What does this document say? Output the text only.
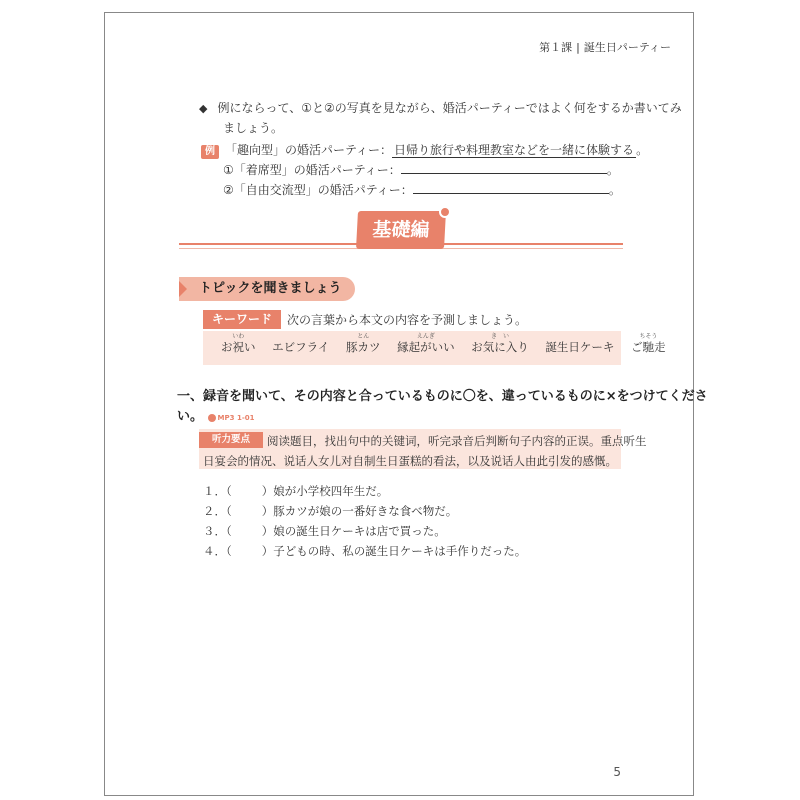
第１課 | 誕生日パーティー
◆ 例にならって、①と②の写真を見ながら、婚活パーティーではよく何をするか書いてみ
ましょう。
例 「趣向型」の婚活パーティー： 日帰り旅行や料理教室などを一緒に体験する 。
①「着席型」の婚活パーティー：	。
②「自由交流型」の婚活パティー：	。
基礎編
トピックを聞きましょう
キーワード	次の言葉から本文の内容を予測しましょう。
いわ
お祝い エビフライ
とん
豚カツ
えんぎ
縁起がいい
き　い
お気に入り 誕生日ケーキ
ちそう
ご馳走
一、録音を聞いて、その内容と合っているものに〇を、違っているものに×をつけてくださ
い。 MP3 1-01
听力要点	阅读题目，找出句中的关键词，听完录音后判断句子内容的正误。重点听生
日宴会的情况、说话人女儿对自制生日蛋糕的看法，以及说话人由此引发的感慨。
１．（	）娘が小学校四年生だ。
２．（	）豚カツが娘の一番好きな食べ物だ。
３．（	）娘の誕生日ケーキは店で買った。
４．（	）子どもの時、私の誕生日ケーキは手作りだった。
5
